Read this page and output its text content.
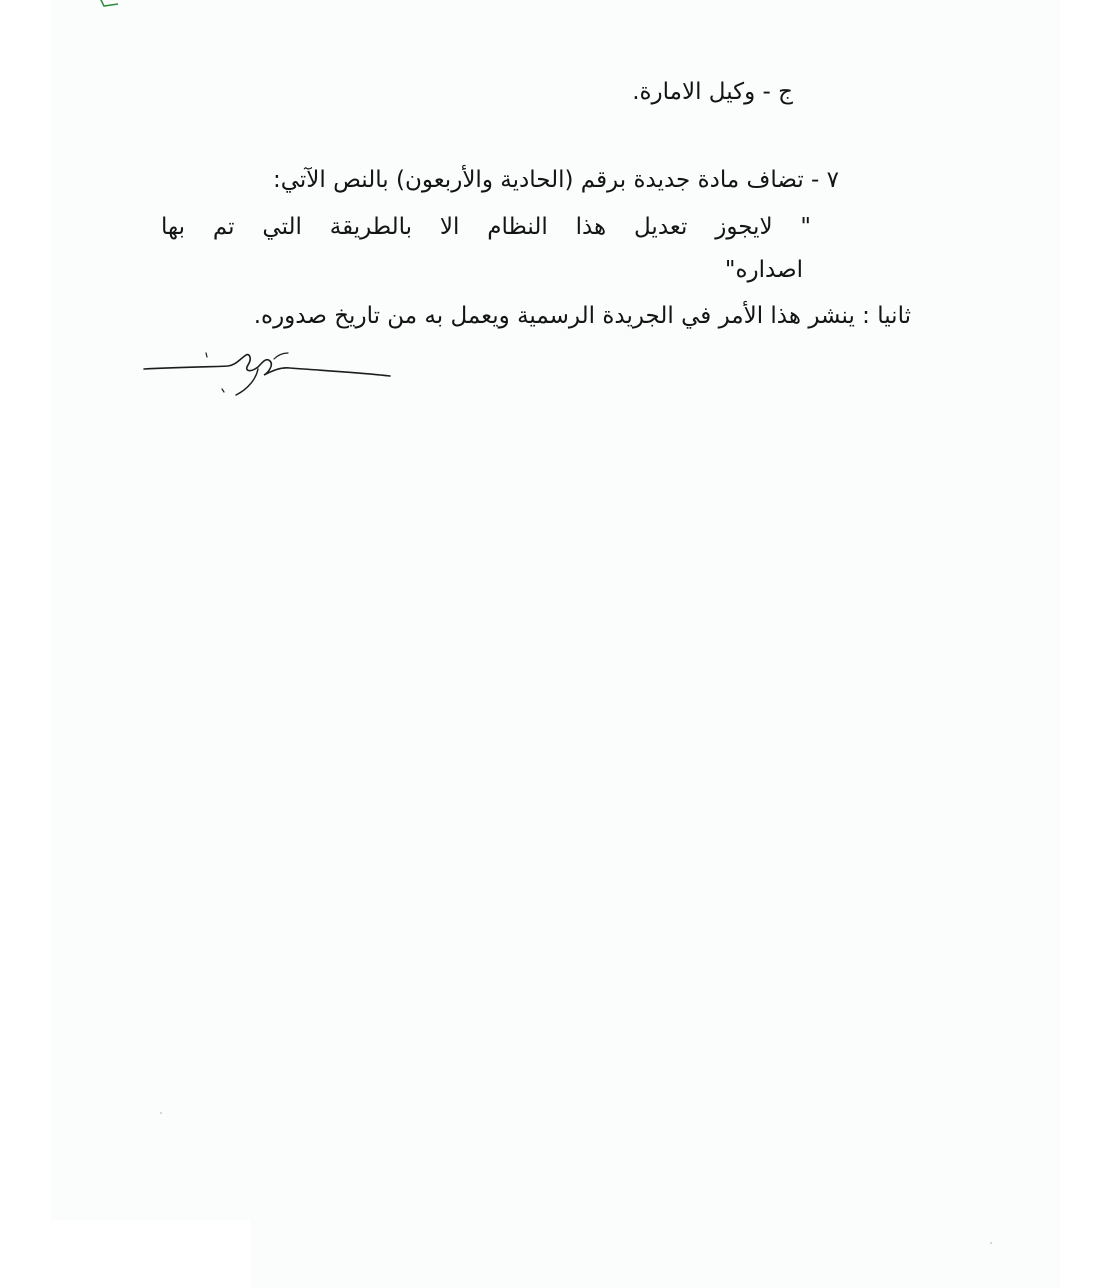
ج - وكيل الامارة.

٧ - تضاف مادة جديدة برقم (الحادية والأربعون) بالنص الآتي:

" لايجوز تعديل هذا النظام الا بالطريقة التي تم بها

اصداره"

ثانيا : ينشر هذا الأمر في الجريدة الرسمية ويعمل به من تاريخ صدوره.
